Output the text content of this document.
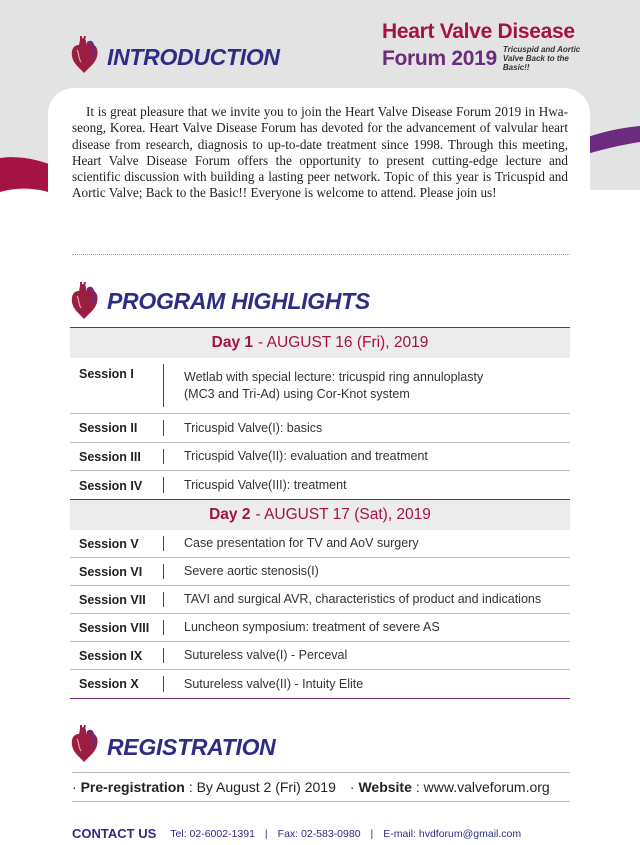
Heart Valve Disease
Forum 2019 Tricuspid and Aortic
Valve Back to the Basic!!
INTRODUCTION

It is great pleasure that we invite you to join the Heart Valve Disease Forum 2019 in Hwa-seong, Korea. Heart Valve Disease Forum has devoted for the advancement of valvular heart disease from research, diagnosis to up-to-date treatment since 1998. Through this meeting, Heart Valve Disease Forum offers the opportunity to present cutting-edge lecture and scientific discussion with building a lasting peer network. Topic of this year is Tricuspid and Aortic Valve; Back to the Basic!! Everyone is welcome to attend. Please join us!

PROGRAM HIGHLIGHTS
Day 1 - AUGUST 16 (Fri), 2019
Session I	Wetlab with special lecture: tricuspid ring annuloplasty
(MC3 and Tri-Ad) using Cor-Knot system
Session II	Tricuspid Valve(I): basics
Session III	Tricuspid Valve(II): evaluation and treatment
Session IV	Tricuspid Valve(III): treatment
Day 2 - AUGUST 17 (Sat), 2019
Session V	Case presentation for TV and AoV surgery
Session VI	Severe aortic stenosis(I)
Session VII	TAVI and surgical AVR, characteristics of product and indications
Session VIII	Luncheon symposium: treatment of severe AS
Session IX	Sutureless valve(I) - Perceval
Session X	Sutureless valve(II) - Intuity Elite
REGISTRATION
· Pre-registration : By August 2 (Fri) 2019 · Website : www.valveforum.org
CONTACT US Tel: 02-6002-1391 | Fax: 02-583-0980 | E-mail: hvdforum@gmail.com
